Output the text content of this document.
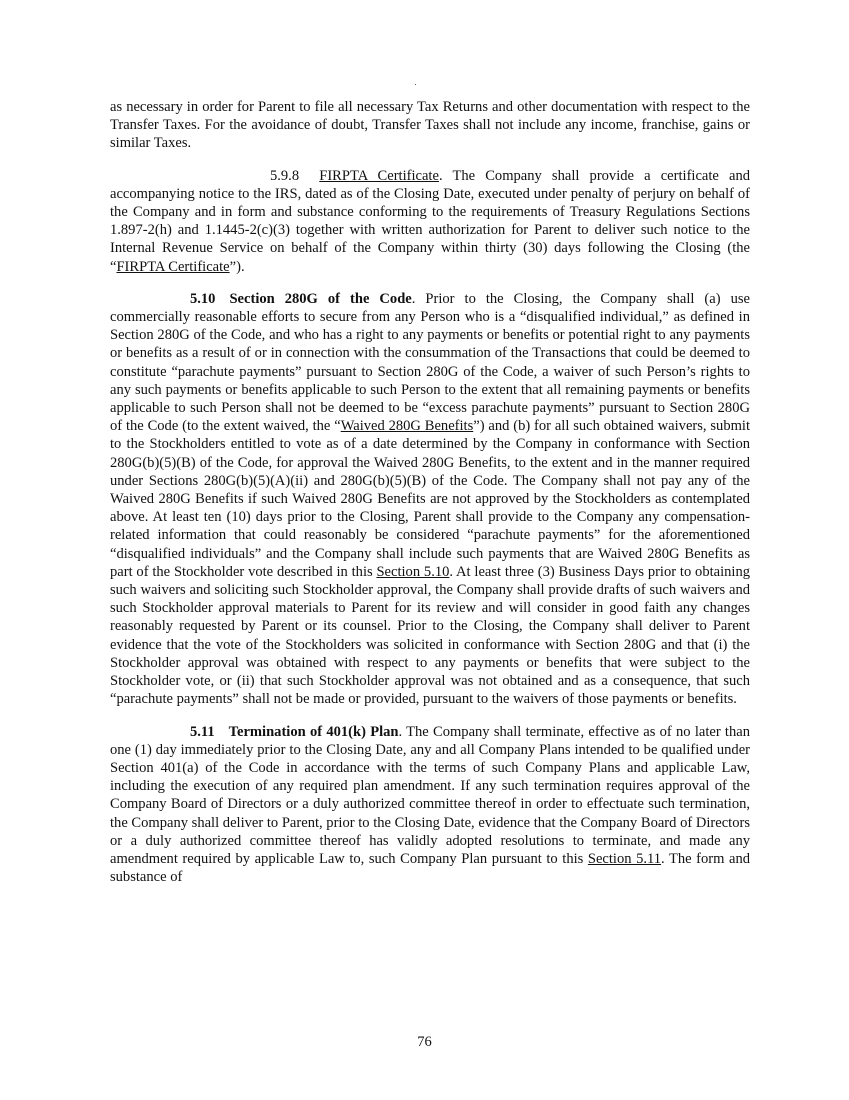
as necessary in order for Parent to file all necessary Tax Returns and other documentation with respect to the Transfer Taxes. For the avoidance of doubt, Transfer Taxes shall not include any income, franchise, gains or similar Taxes.

5.9.8 FIRPTA Certificate. The Company shall provide a certificate and accompanying notice to the IRS, dated as of the Closing Date, executed under penalty of perjury on behalf of the Company and in form and substance conforming to the requirements of Treasury Regulations Sections 1.897-2(h) and 1.1445-2(c)(3) together with written authorization for Parent to deliver such notice to the Internal Revenue Service on behalf of the Company within thirty (30) days following the Closing (the “FIRPTA Certificate”).

5.10 Section 280G of the Code. Prior to the Closing, the Company shall (a) use commercially reasonable efforts to secure from any Person who is a “disqualified individual,” as defined in Section 280G of the Code, and who has a right to any payments or benefits or potential right to any payments or benefits as a result of or in connection with the consummation of the Transactions that could be deemed to constitute “parachute payments” pursuant to Section 280G of the Code, a waiver of such Person’s rights to any such payments or benefits applicable to such Person to the extent that all remaining payments or benefits applicable to such Person shall not be deemed to be “excess parachute payments” pursuant to Section 280G of the Code (to the extent waived, the “Waived 280G Benefits”) and (b) for all such obtained waivers, submit to the Stockholders entitled to vote as of a date determined by the Company in conformance with Section 280G(b)(5)(B) of the Code, for approval the Waived 280G Benefits, to the extent and in the manner required under Sections 280G(b)(5)(A)(ii) and 280G(b)(5)(B) of the Code. The Company shall not pay any of the Waived 280G Benefits if such Waived 280G Benefits are not approved by the Stockholders as contemplated above. At least ten (10) days prior to the Closing, Parent shall provide to the Company any compensation-related information that could reasonably be considered “parachute payments” for the aforementioned “disqualified individuals” and the Company shall include such payments that are Waived 280G Benefits as part of the Stockholder vote described in this Section 5.10. At least three (3) Business Days prior to obtaining such waivers and soliciting such Stockholder approval, the Company shall provide drafts of such waivers and such Stockholder approval materials to Parent for its review and will consider in good faith any changes reasonably requested by Parent or its counsel. Prior to the Closing, the Company shall deliver to Parent evidence that the vote of the Stockholders was solicited in conformance with Section 280G and that (i) the Stockholder approval was obtained with respect to any payments or benefits that were subject to the Stockholder vote, or (ii) that such Stockholder approval was not obtained and as a consequence, that such “parachute payments” shall not be made or provided, pursuant to the waivers of those payments or benefits.

5.11 Termination of 401(k) Plan. The Company shall terminate, effective as of no later than one (1) day immediately prior to the Closing Date, any and all Company Plans intended to be qualified under Section 401(a) of the Code in accordance with the terms of such Company Plans and applicable Law, including the execution of any required plan amendment. If any such termination requires approval of the Company Board of Directors or a duly authorized committee thereof in order to effectuate such termination, the Company shall deliver to Parent, prior to the Closing Date, evidence that the Company Board of Directors or a duly authorized committee thereof has validly adopted resolutions to terminate, and made any amendment required by applicable Law to, such Company Plan pursuant to this Section 5.11. The form and substance of

76
